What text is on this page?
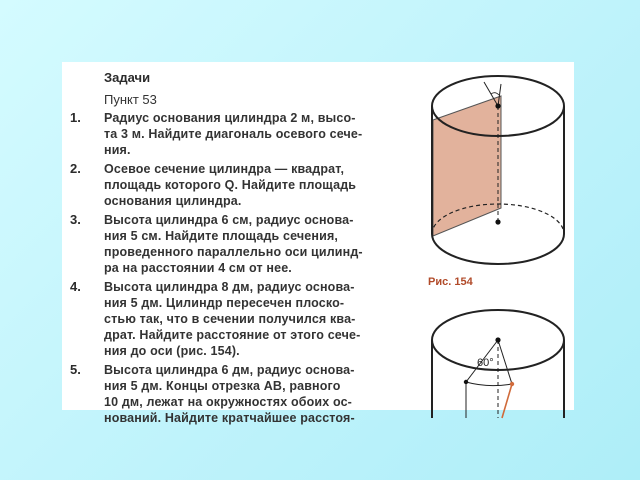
Задачи
Пункт 53
1. Радиус основания цилиндра 2 м, высо-
та 3 м. Найдите диагональ осевого сече-
ния.
2. Осевое сечение цилиндра — квадрат,
площадь которого Q. Найдите площадь
основания цилиндра.
3. Высота цилиндра 6 см, радиус основа-
ния 5 см. Найдите площадь сечения,
проведенного параллельно оси цилинд-
ра на расстоянии 4 см от нее.
4. Высота цилиндра 8 дм, радиус основа-
ния 5 дм. Цилиндр пересечен плоско-
стью так, что в сечении получился ква-
драт. Найдите расстояние от этого сече-
ния до оси (рис. 154).
5. Высота цилиндра 6 дм, радиус основа-
ния 5 дм. Концы отрезка AB, равного
10 дм, лежат на окружностях обоих ос-
нований. Найдите кратчайшее расстоя-
Рис. 154
60°
